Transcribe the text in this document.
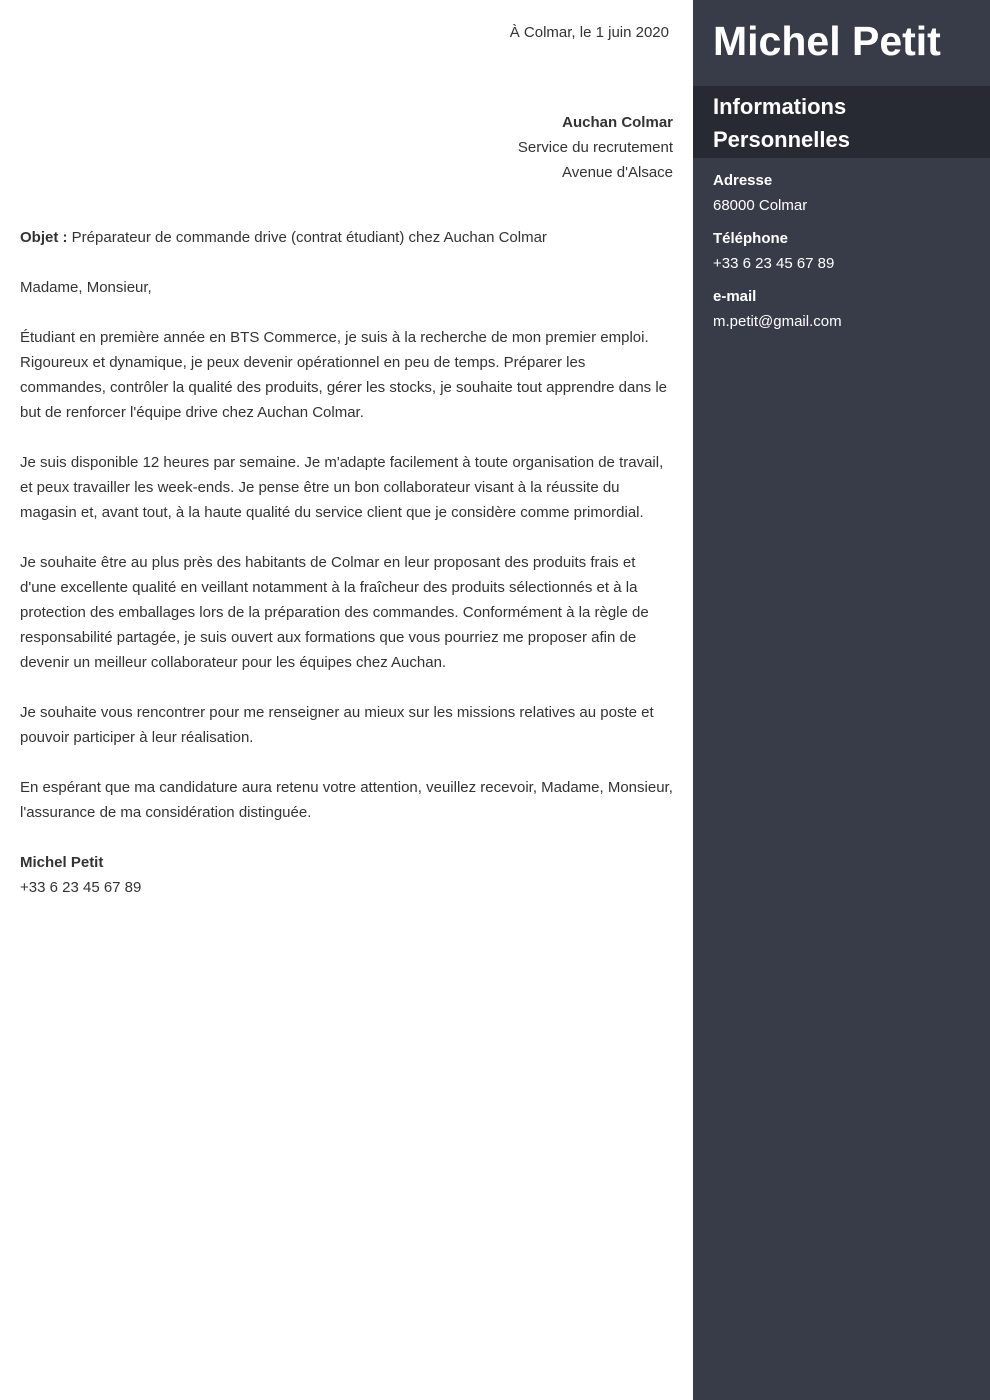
À Colmar, le 1 juin 2020
Auchan Colmar
Service du recrutement
Avenue d'Alsace

Objet : Préparateur de commande drive (contrat étudiant) chez Auchan Colmar

Madame, Monsieur,

Étudiant en première année en BTS Commerce, je suis à la recherche de mon premier emploi. Rigoureux et dynamique, je peux devenir opérationnel en peu de temps. Préparer les commandes, contrôler la qualité des produits, gérer les stocks, je souhaite tout apprendre dans le but de renforcer l'équipe drive chez Auchan Colmar.

Je suis disponible 12 heures par semaine. Je m'adapte facilement à toute organisation de travail, et peux travailler les week-ends. Je pense être un bon collaborateur visant à la réussite du magasin et, avant tout, à la haute qualité du service client que je considère comme primordial.

Je souhaite être au plus près des habitants de Colmar en leur proposant des produits frais et d'une excellente qualité en veillant notamment à la fraîcheur des produits sélectionnés et à la protection des emballages lors de la préparation des commandes. Conformément à la règle de responsabilité partagée, je suis ouvert aux formations que vous pourriez me proposer afin de devenir un meilleur collaborateur pour les équipes chez Auchan.

Je souhaite vous rencontrer pour me renseigner au mieux sur les missions relatives au poste et pouvoir participer à leur réalisation.

En espérant que ma candidature aura retenu votre attention, veuillez recevoir, Madame, Monsieur, l'assurance de ma considération distinguée.

Michel Petit
+33 6 23 45 67 89
Michel Petit
Informations Personnelles
Adresse
68000 Colmar
Téléphone
+33 6 23 45 67 89
e-mail
m.petit@gmail.com
